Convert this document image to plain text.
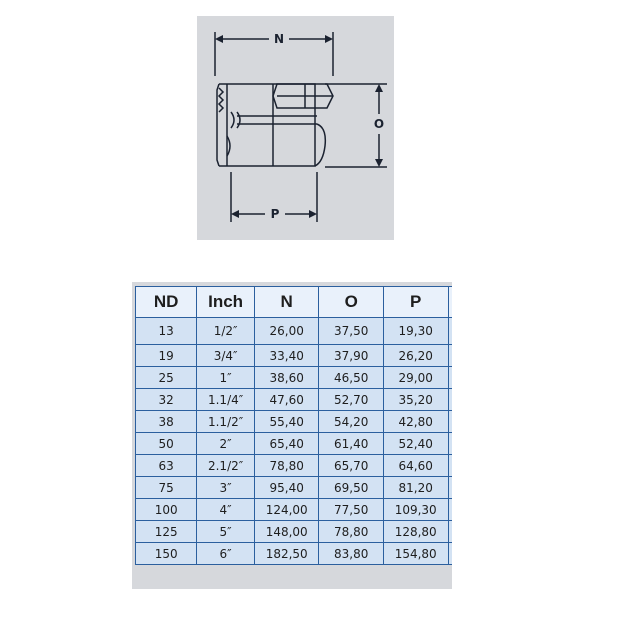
N
O
P
ND	Inch	N	O	P	
13	1/2″	26,00	37,50	19,30	
19	3/4″	33,40	37,90	26,20	
25	1″	38,60	46,50	29,00	
32	1.1/4″	47,60	52,70	35,20	
38	1.1/2″	55,40	54,20	42,80	
50	2″	65,40	61,40	52,40	
63	2.1/2″	78,80	65,70	64,60	
75	3″	95,40	69,50	81,20	
100	4″	124,00	77,50	109,30	
125	5″	148,00	78,80	128,80	
150	6″	182,50	83,80	154,80	
